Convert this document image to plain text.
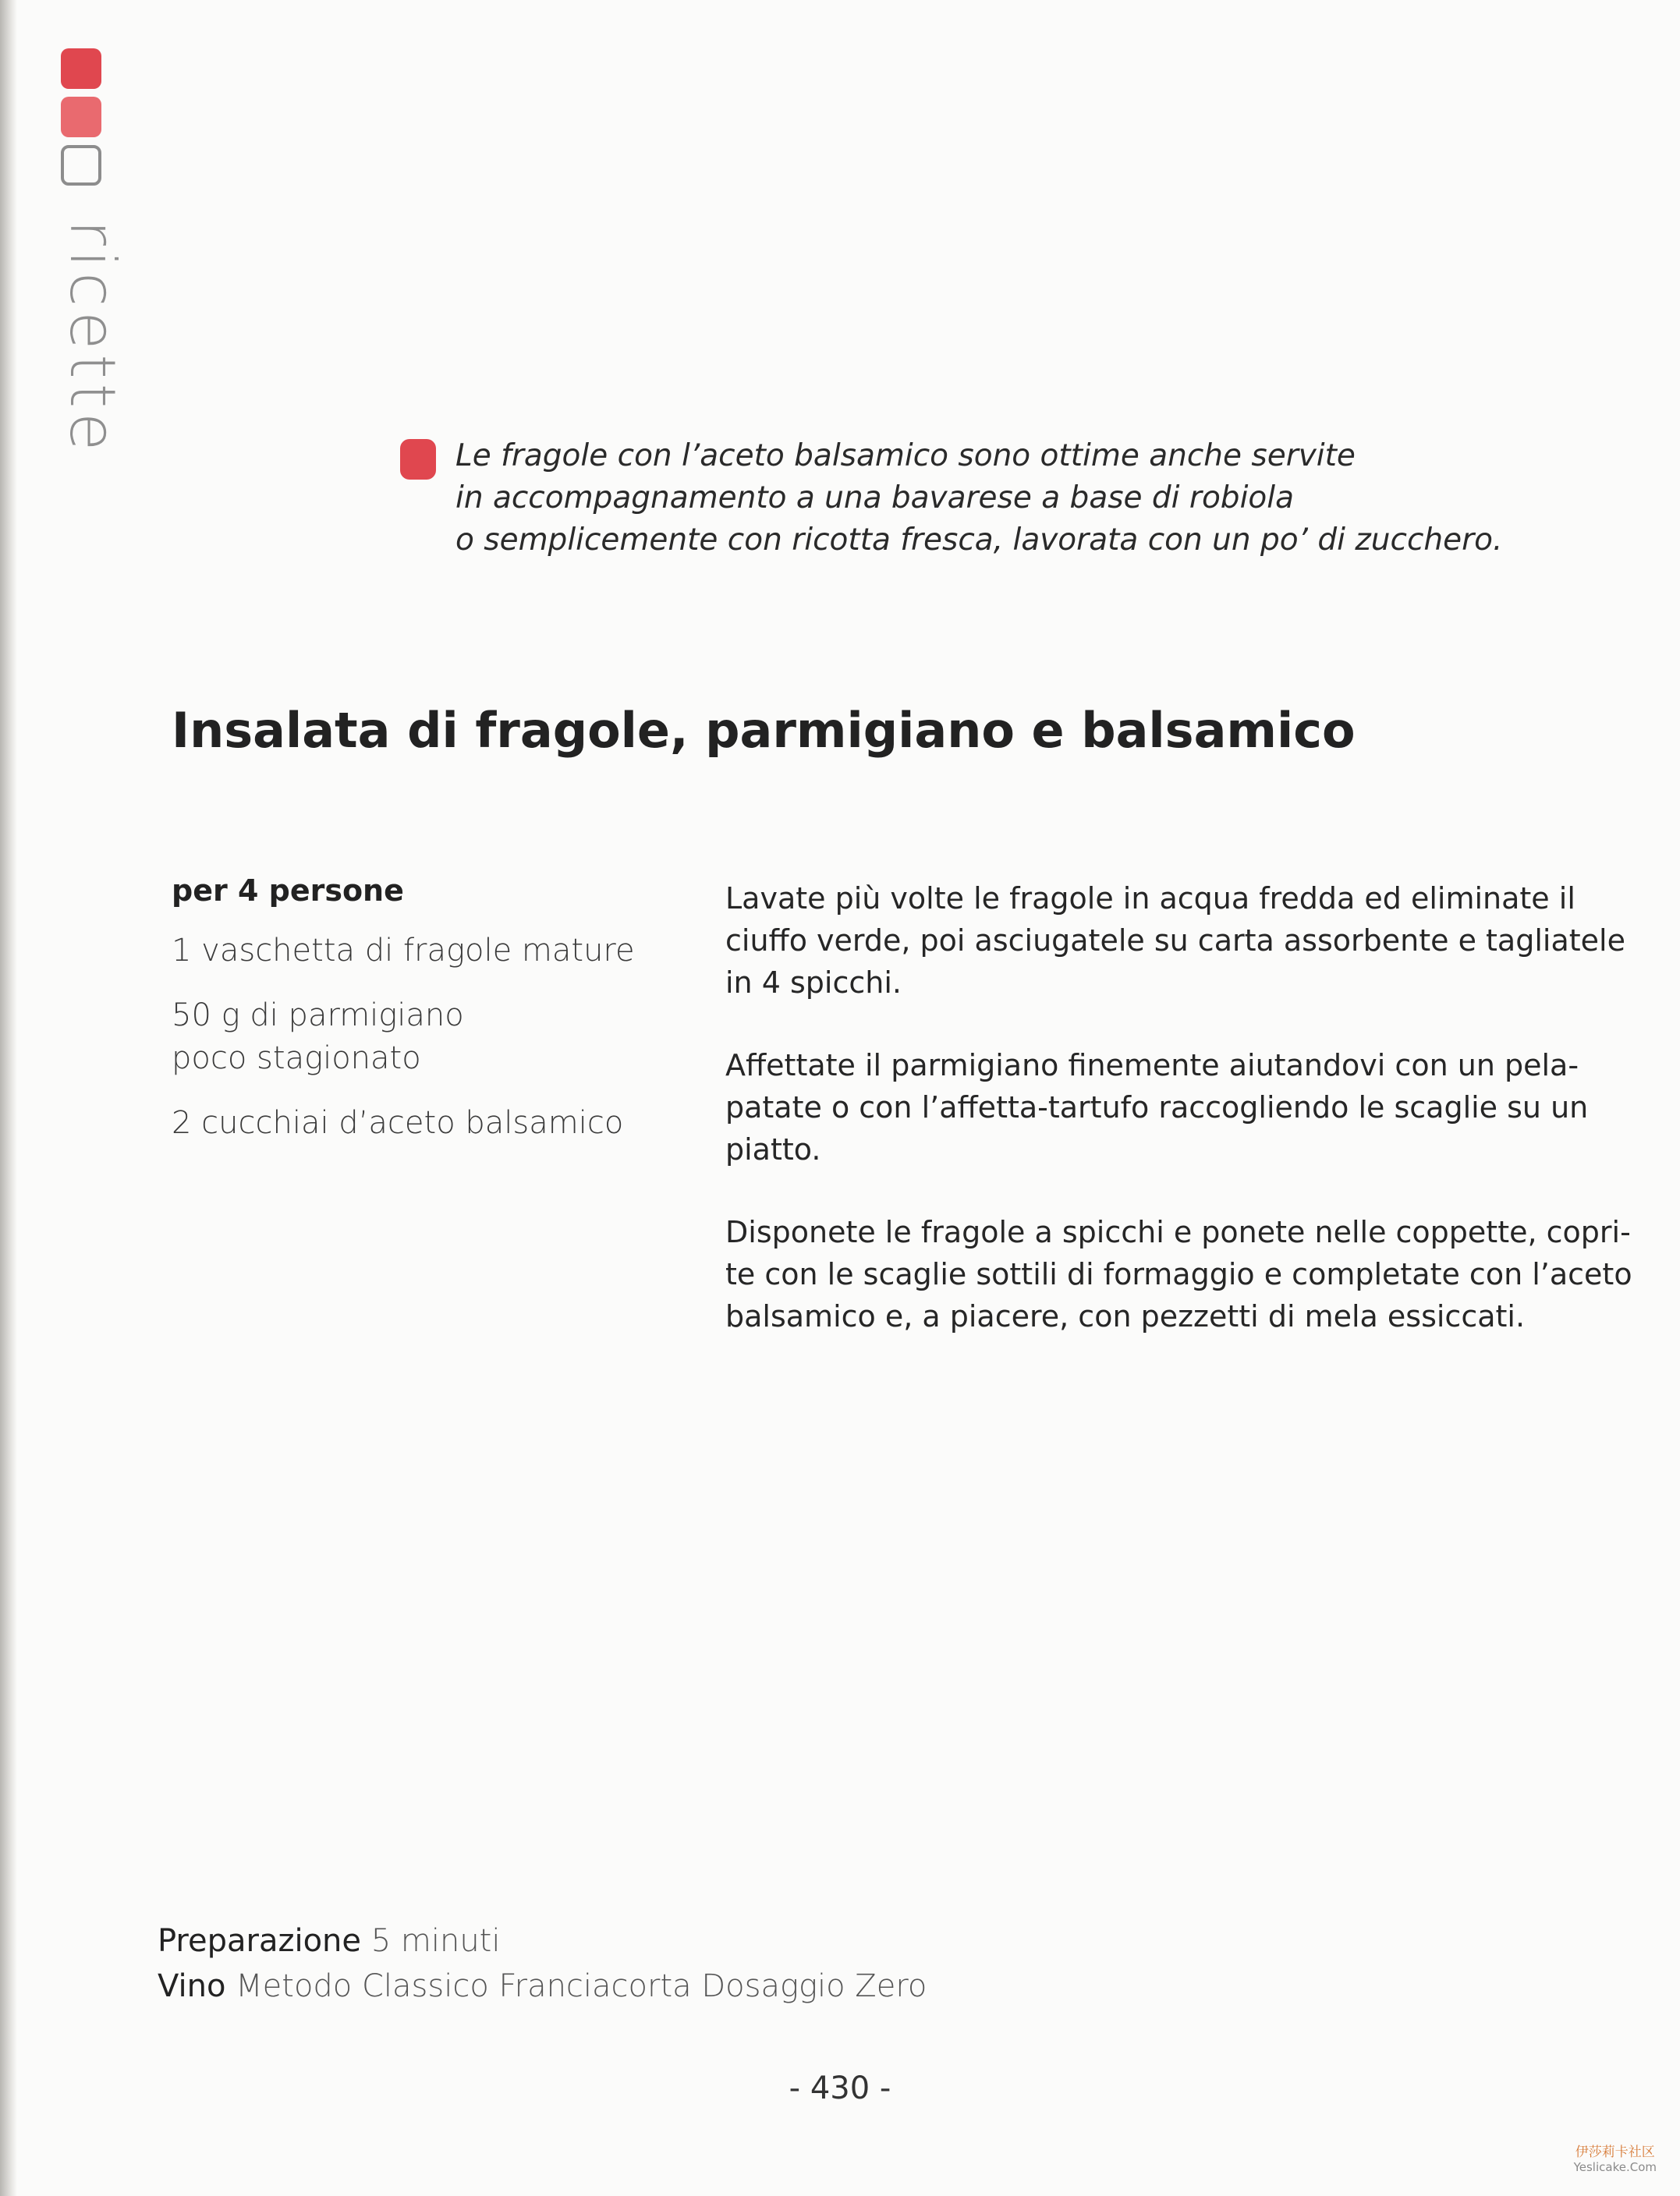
ricette
Le fragole con l’aceto balsamico sono ottime anche servite
in accompagnamento a una bavarese a base di robiola
o semplicemente con ricotta fresca, lavorata con un po’ di zucchero.
Insalata di fragole, parmigiano e balsamico
per 4 persone
1 vaschetta di fragole mature
50 g di parmigiano
poco stagionato
2 cucchiai d’aceto balsamico
Lavate più volte le fragole in acqua fredda ed eliminate il
ciuffo verde, poi asciugatele su carta assorbente e tagliatele
in 4 spicchi.
Affettate il parmigiano finemente aiutandovi con un pela-
patate o con l’affetta-tartufo raccogliendo le scaglie su un
piatto.
Disponete le fragole a spicchi e ponete nelle coppette, copri-
te con le scaglie sottili di formaggio e completate con l’aceto
balsamico e, a piacere, con pezzetti di mela essiccati.
Preparazione 5 minuti
Vino Metodo Classico Franciacorta Dosaggio Zero
- 430 -
伊莎莉卡社区
Yeslicake.Com
